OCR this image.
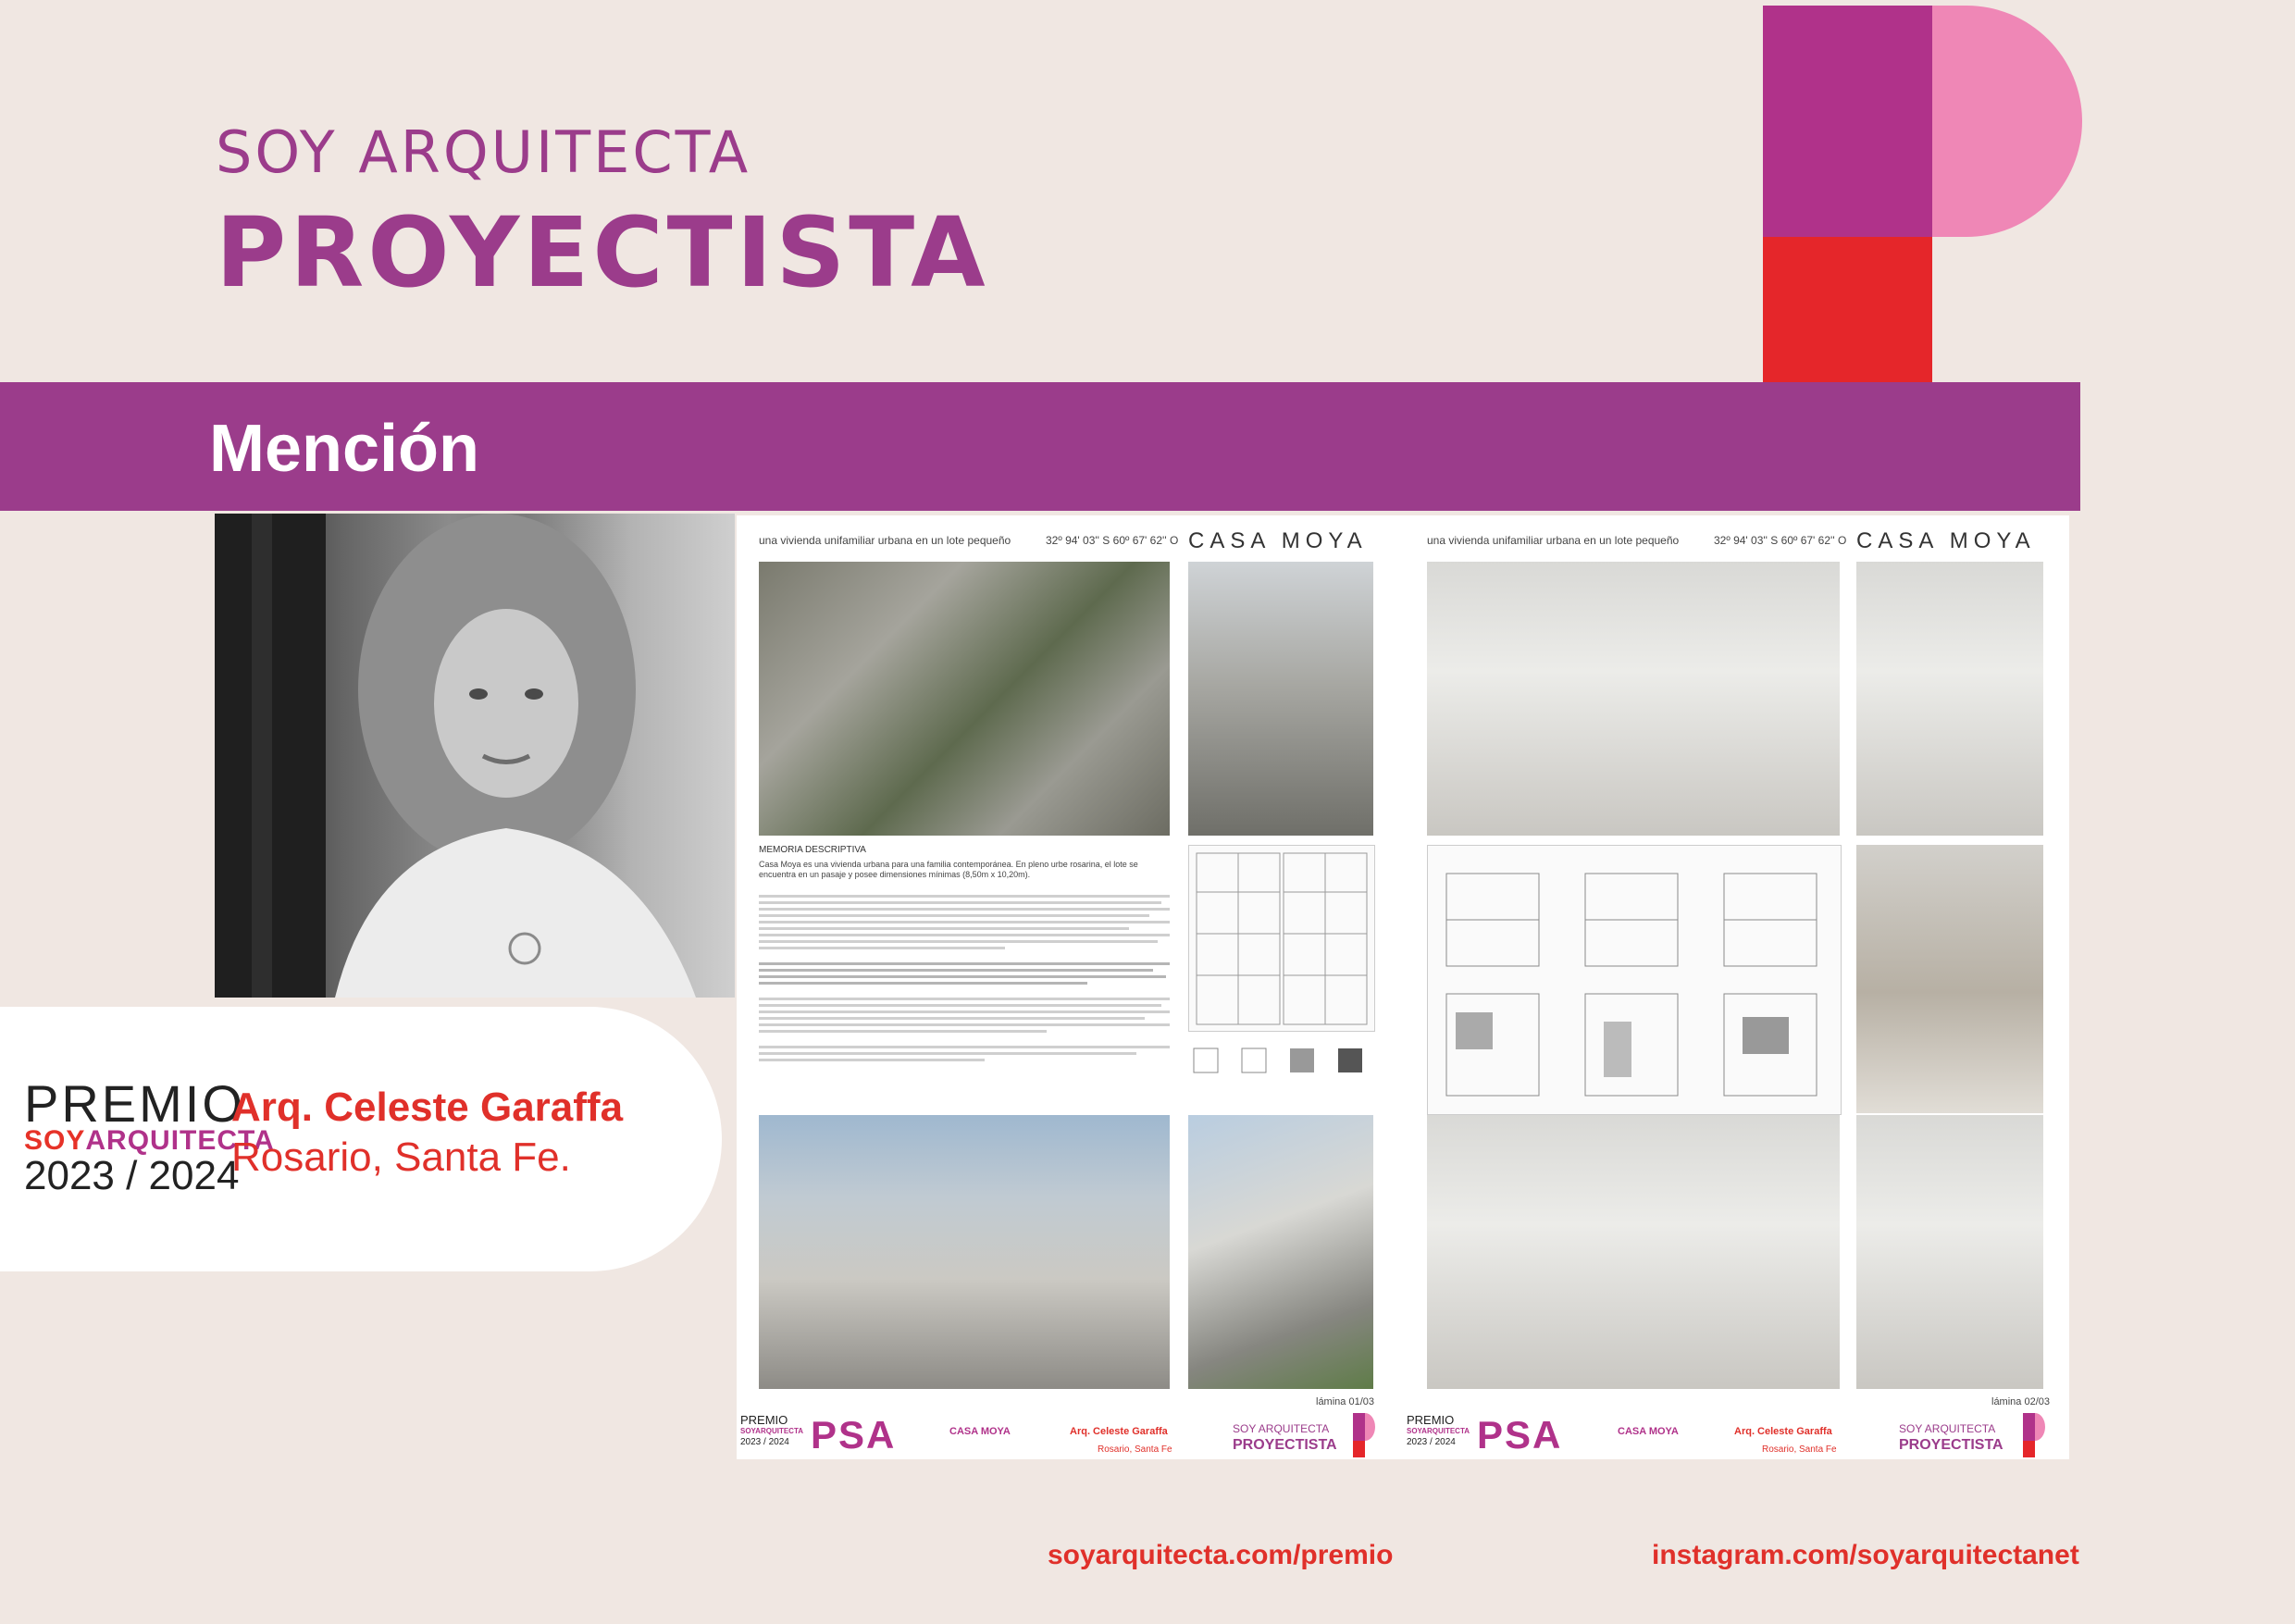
SOY ARQUITECTA
PROYECTISTA
Mención
PREMIO
SOYARQUITECTA
2023 / 2024
Arq. Celeste Garaffa
Rosario, Santa Fe.
una vivienda unifamiliar urbana en un lote pequeño	32º 94' 03'' S 60º 67' 62'' O CASA MOYA
MEMORIA DESCRIPTIVA
Casa Moya es una vivienda urbana para una familia contemporánea. En pleno urbe rosarina, el lote se encuentra en un pasaje y posee dimensiones mínimas (8,50m x 10,20m).
lámina 01/03
PREMIO
SOYARQUITECTA
2023 / 2024 PSA	CASA MOYA	Arq. Celeste Garaffa
Rosario, Santa Fe
SOY ARQUITECTA
PROYECTISTA
una vivienda unifamiliar urbana en un lote pequeño	32º 94' 03'' S 60º 67' 62'' O CASA MOYA
lámina 02/03
PREMIO
SOYARQUITECTA
2023 / 2024 PSA	CASA MOYA	Arq. Celeste Garaffa
Rosario, Santa Fe
SOY ARQUITECTA
PROYECTISTA
soyarquitecta.com/premio	instagram.com/soyarquitectanet
